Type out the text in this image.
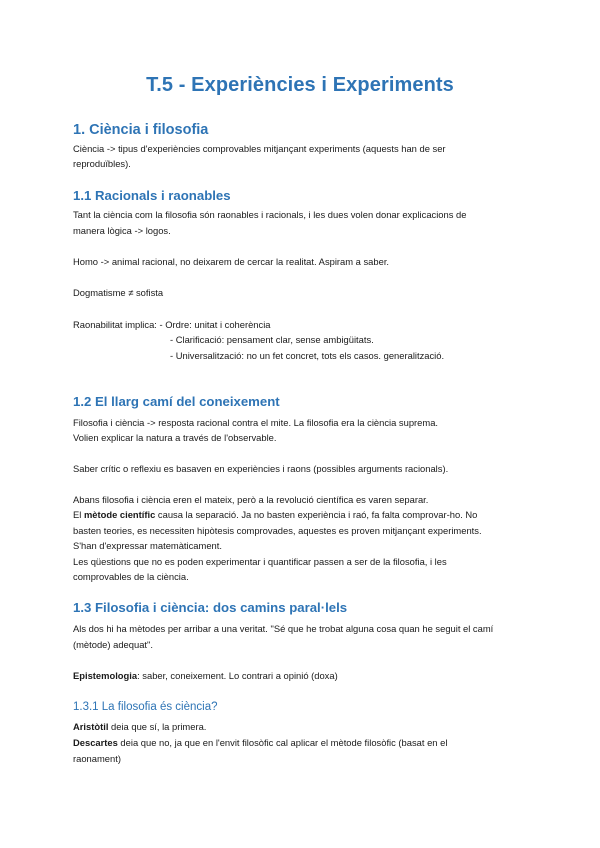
T.5 - Experiències i Experiments
1. Ciència i filosofia
Ciència -> tipus d'experiències comprovables mitjançant experiments (aquests han de ser
reproduïbles).
1.1 Racionals i raonables
Tant la ciència com la filosofia són raonables i racionals, i les dues volen donar explicacions de
manera lògica -> logos.
Homo -> animal racional, no deixarem de cercar la realitat. Aspiram a saber.
Dogmatisme ≠ sofista
Raonabilitat implica: - Ordre: unitat i coherència
- Clarificació: pensament clar, sense ambigüitats.
- Universalització: no un fet concret, tots els casos. generalització.
1.2 El llarg camí del coneixement
Filosofia i ciència -> resposta racional contra el mite. La filosofia era la ciència suprema.
Volien explicar la natura a través de l'observable.
Saber crític o reflexiu es basaven en experiències i raons (possibles arguments racionals).
Abans filosofia i ciència eren el mateix, però a la revolució científica es varen separar.
El mètode científic causa la separació. Ja no basten experiència i raó, fa falta comprovar-ho. No
basten teories, es necessiten hipòtesis comprovades, aquestes es proven mitjançant experiments.
S'han d'expressar matemàticament.
Les qüestions que no es poden experimentar i quantificar passen a ser de la filosofia, i les
comprovables de la ciència.
1.3 Filosofia i ciència: dos camins paral·lels
Als dos hi ha mètodes per arribar a una veritat. "Sé que he trobat alguna cosa quan he seguit el camí
(mètode) adequat".
Epistemologia: saber, coneixement. Lo contrari a opinió (doxa)
1.3.1 La filosofia és ciència?
Aristòtil deia que sí, la primera.
Descartes deia que no, ja que en l'envit filosòfic cal aplicar el mètode filosòfic (basat en el
raonament)
